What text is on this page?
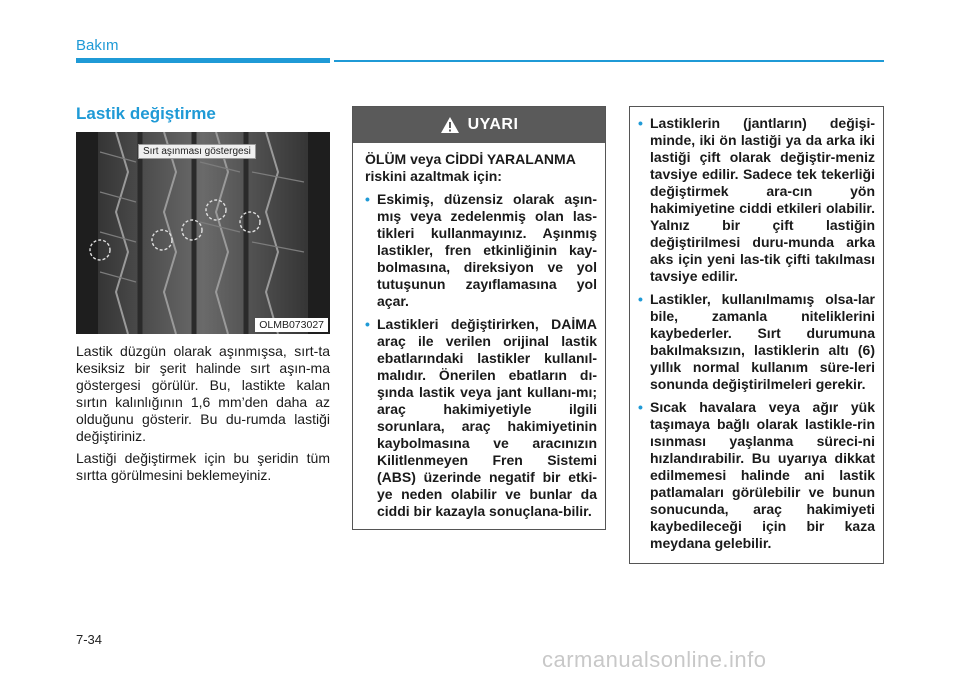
Bakım
Lastik değiştirme
Sırt aşınması göstergesi
OLMB073027

Lastik düzgün olarak aşınmışsa, sırt-ta kesiksiz bir şerit halinde sırt aşın-ma göstergesi görülür. Bu, lastikte kalan sırtın kalınlığının 1,6 mm’den daha az olduğunu gösterir. Bu du-rumda lastiği değiştiriniz.

Lastiği değiştirmek için bu şeridin tüm sırtta görülmesini beklemeyiniz.

UYARI

ÖLÜM veya CİDDİ YARALANMA riskini azaltmak için:

• Eskimiş, düzensiz olarak aşın-mış veya zedelenmiş olan las-tikleri kullanmayınız. Aşınmış lastikler, fren etkinliğinin kay-bolmasına, direksiyon ve yol tutuşunun zayıflamasına yol açar.
• Lastikleri değiştirirken, DAİMA araç ile verilen orijinal lastik ebatlarındaki lastikler kullanıl-malıdır. Önerilen ebatların dı-şında lastik veya jant kullanı-mı; araç hakimiyetiyle ilgili sorunlara, araç hakimiyetinin kaybolmasına ve aracınızın Kilitlenmeyen Fren Sistemi (ABS) üzerinde negatif bir etki-ye neden olabilir ve bunlar da ciddi bir kazayla sonuçlana-bilir.
• Lastiklerin (jantların) değişi-minde, iki ön lastiği ya da arka iki lastiği çift olarak değiştir-meniz tavsiye edilir. Sadece tek tekerliği değiştirmek ara-cın yön hakimiyetine ciddi etkileri olabilir. Yalnız bir çift lastiğin değiştirilmesi duru-munda arka aks için yeni las-tik çifti takılması tavsiye edilir.
• Lastikler, kullanılmamış olsa-lar bile, zamanla niteliklerini kaybederler. Sırt durumuna bakılmaksızın, lastiklerin altı (6) yıllık normal kullanım süre-leri sonunda değiştirilmeleri gerekir.
• Sıcak havalara veya ağır yük taşımaya bağlı olarak lastikle-rin ısınması yaşlanma süreci-ni hızlandırabilir. Bu uyarıya dikkat edilmemesi halinde ani lastik patlamaları görülebilir ve bunun sonucunda, araç hakimiyeti kaybedileceği için bir kaza meydana gelebilir.
7-34
carmanualsonline.info
